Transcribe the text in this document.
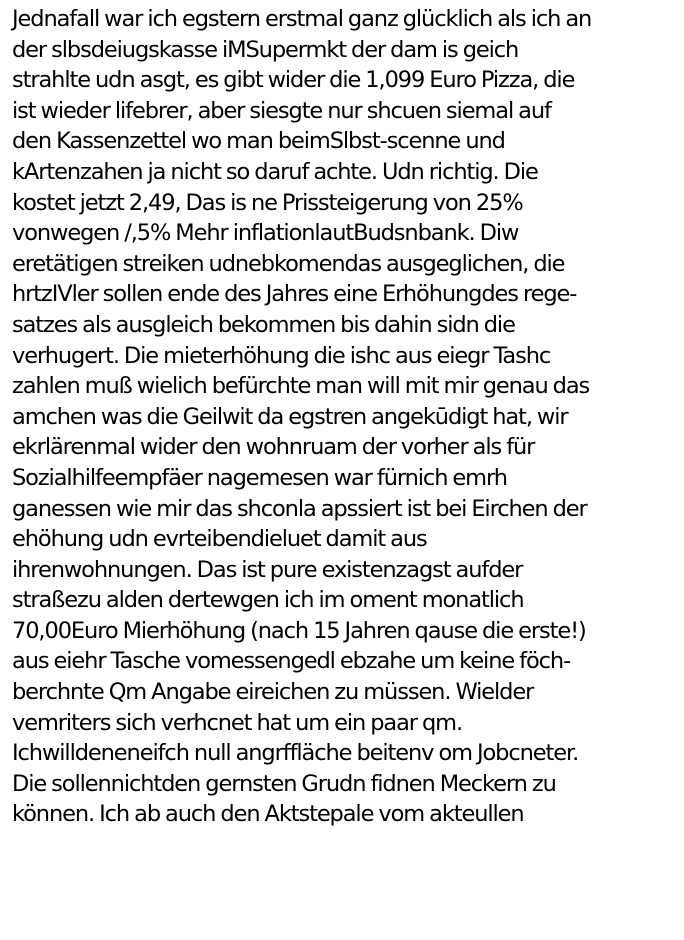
Jednafall war ich egstern erstmal ganz glücklich als ich an
der slbsdeiugskasse iMSupermkt der dam is geich
strahlte udn asgt, es gibt wider die 1,099 Euro Pizza, die
ist wieder lifebrer, aber siesgte nur shcuen siemal auf
den Kassenzettel wo man beimSlbst-scenne und
kArtenzahen ja nicht so daruf achte. Udn richtig. Die
kostet jetzt 2,49, Das is ne Prissteigerung von 25%
vonwegen /,5% Mehr inflationlautBudsnbank. Diw
eretätigen streiken udnebkomendas ausgeglichen, die
hrtzIVler sollen ende des Jahres eine Erhöhungdes rege-
satzes als ausgleich bekommen bis dahin sidn die
verhugert. Die mieterhöhung die ishc aus eiegr Tashc
zahlen muß wielich befürchte man will mit mir genau das
amchen was die Geilwit da egstren angekūdigt hat, wir
ekrlärenmal wider den wohnruam der vorher als für
Sozialhilfeempfäer nagemesen war fürnich emrh
ganessen wie mir das shconla apssiert ist bei Eirchen der
ehöhung udn evrteibendieluet damit aus
ihrenwohnungen. Das ist pure existenzagst aufder
straßezu alden dertewgen ich im oment monatlich
70,00Euro Mierhöhung (nach 15 Jahren qause die erste!)
aus eiehr Tasche vomessengedl ebzahe um keine föch-
berchnte Qm Angabe eireichen zu müssen. Wielder
vemriters sich verhcnet hat um ein paar qm.
Ichwilldeneneifch null angrffläche beitenv om Jobcneter.
Die sollennichtden gernsten Grudn fidnen Meckern zu
können. Ich ab auch den Aktstepale vom akteullen
